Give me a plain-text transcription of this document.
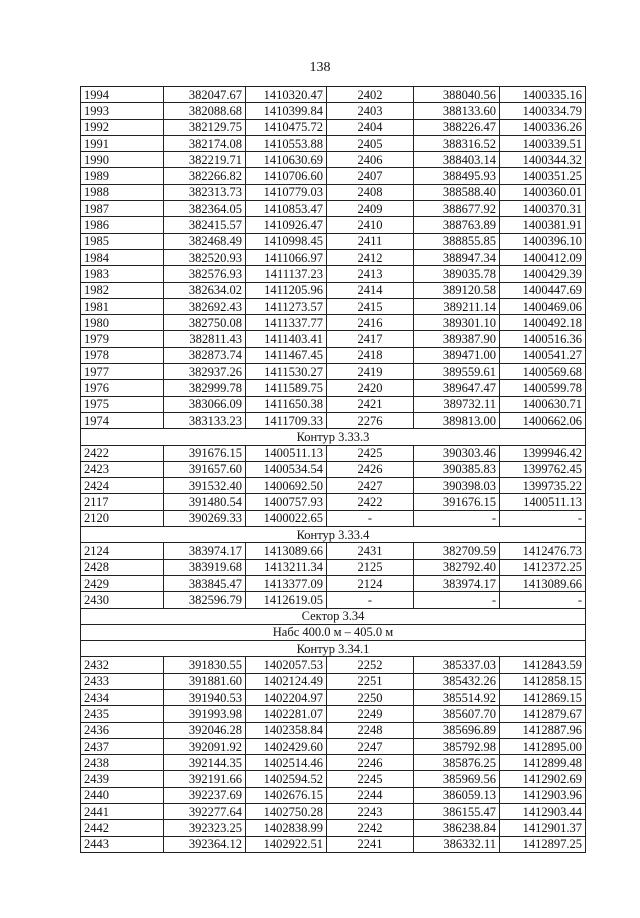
138
1994	382047.67	1410320.47	2402	388040.56	1400335.16
1993	382088.68	1410399.84	2403	388133.60	1400334.79
1992	382129.75	1410475.72	2404	388226.47	1400336.26
1991	382174.08	1410553.88	2405	388316.52	1400339.51
1990	382219.71	1410630.69	2406	388403.14	1400344.32
1989	382266.82	1410706.60	2407	388495.93	1400351.25
1988	382313.73	1410779.03	2408	388588.40	1400360.01
1987	382364.05	1410853.47	2409	388677.92	1400370.31
1986	382415.57	1410926.47	2410	388763.89	1400381.91
1985	382468.49	1410998.45	2411	388855.85	1400396.10
1984	382520.93	1411066.97	2412	388947.34	1400412.09
1983	382576.93	1411137.23	2413	389035.78	1400429.39
1982	382634.02	1411205.96	2414	389120.58	1400447.69
1981	382692.43	1411273.57	2415	389211.14	1400469.06
1980	382750.08	1411337.77	2416	389301.10	1400492.18
1979	382811.43	1411403.41	2417	389387.90	1400516.36
1978	382873.74	1411467.45	2418	389471.00	1400541.27
1977	382937.26	1411530.27	2419	389559.61	1400569.68
1976	382999.78	1411589.75	2420	389647.47	1400599.78
1975	383066.09	1411650.38	2421	389732.11	1400630.71
1974	383133.23	1411709.33	2276	389813.00	1400662.06
Контур 3.33.3					
2422	391676.15	1400511.13	2425	390303.46	1399946.42
2423	391657.60	1400534.54	2426	390385.83	1399762.45
2424	391532.40	1400692.50	2427	390398.03	1399735.22
2117	391480.54	1400757.93	2422	391676.15	1400511.13
2120	390269.33	1400022.65	-	-	-
Контур 3.33.4					
2124	383974.17	1413089.66	2431	382709.59	1412476.73
2428	383919.68	1413211.34	2125	382792.40	1412372.25
2429	383845.47	1413377.09	2124	383974.17	1413089.66
2430	382596.79	1412619.05	-	-	-
Сектор 3.34					
Набс 400.0 м – 405.0 м					
Контур 3.34.1					
2432	391830.55	1402057.53	2252	385337.03	1412843.59
2433	391881.60	1402124.49	2251	385432.26	1412858.15
2434	391940.53	1402204.97	2250	385514.92	1412869.15
2435	391993.98	1402281.07	2249	385607.70	1412879.67
2436	392046.28	1402358.84	2248	385696.89	1412887.96
2437	392091.92	1402429.60	2247	385792.98	1412895.00
2438	392144.35	1402514.46	2246	385876.25	1412899.48
2439	392191.66	1402594.52	2245	385969.56	1412902.69
2440	392237.69	1402676.15	2244	386059.13	1412903.96
2441	392277.64	1402750.28	2243	386155.47	1412903.44
2442	392323.25	1402838.99	2242	386238.84	1412901.37
2443	392364.12	1402922.51	2241	386332.11	1412897.25
